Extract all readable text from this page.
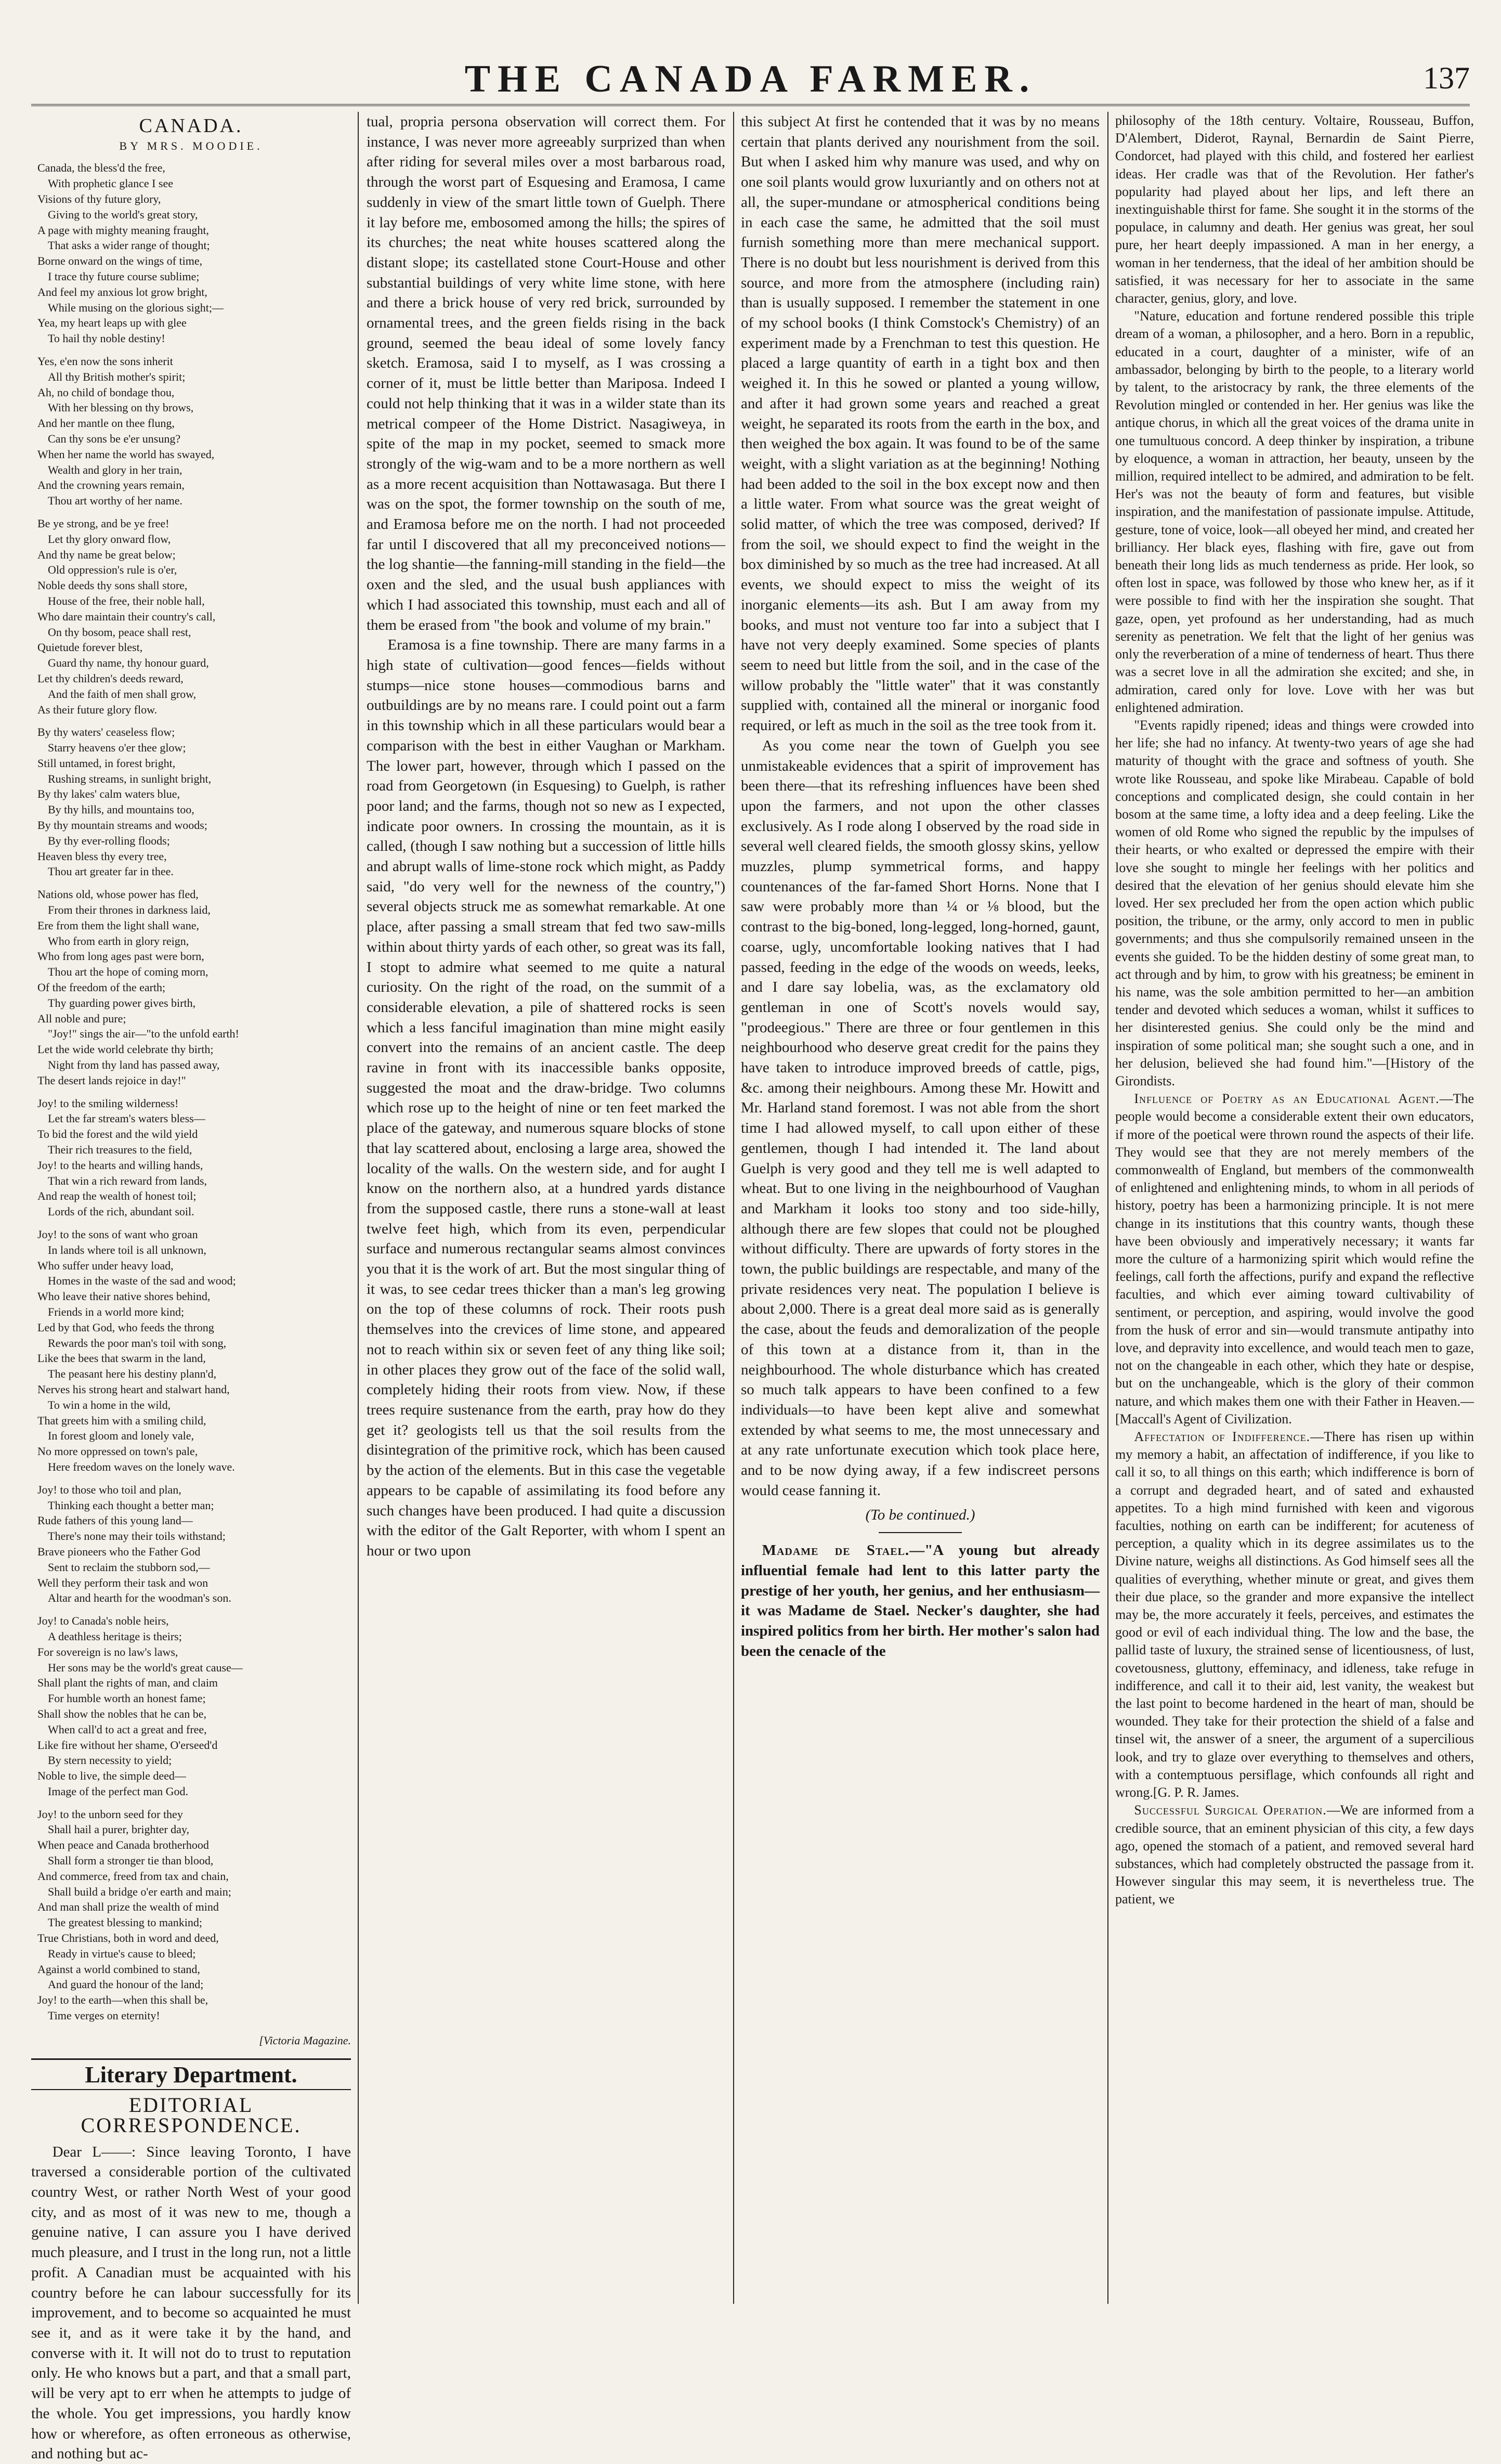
THE CANADA FARMER.	137
CANADA.
BY MRS. MOODIE.
Canada, the bless'd the free,
With prophetic glance I see
Visions of thy future glory,
Giving to the world's great story,
A page with mighty meaning fraught,
That asks a wider range of thought;
Borne onward on the wings of time,
I trace thy future course sublime;
And feel my anxious lot grow bright,
While musing on the glorious sight;—
Yea, my heart leaps up with glee
To hail thy noble destiny!
Yes, e'en now the sons inherit
All thy British mother's spirit;
Ah, no child of bondage thou,
With her blessing on thy brows,
And her mantle on thee flung,
Can thy sons be e'er unsung?
When her name the world has swayed,
Wealth and glory in her train,
And the crowning years remain,
Thou art worthy of her name.
Be ye strong, and be ye free!
Let thy glory onward flow,
And thy name be great below;
Old oppression's rule is o'er,
Noble deeds thy sons shall store,
House of the free, their noble hall,
Who dare maintain their country's call,
On thy bosom, peace shall rest,
Quietude forever blest,
Guard thy name, thy honour guard,
Let thy children's deeds reward,
And the faith of men shall grow,
As their future glory flow.
By thy waters' ceaseless flow;
Starry heavens o'er thee glow;
Still untamed, in forest bright,
Rushing streams, in sunlight bright,
By thy lakes' calm waters blue,
By thy hills, and mountains too,
By thy mountain streams and woods;
By thy ever-rolling floods;
Heaven bless thy every tree,
Thou art greater far in thee.
Nations old, whose power has fled,
From their thrones in darkness laid,
Ere from them the light shall wane,
Who from earth in glory reign,
Who from long ages past were born,
Thou art the hope of coming morn,
Of the freedom of the earth;
Thy guarding power gives birth,
All noble and pure;
"Joy!" sings the air—"to the unfold earth!
Let the wide world celebrate thy birth;
Night from thy land has passed away,
The desert lands rejoice in day!"
Joy! to the smiling wilderness!
Let the far stream's waters bless—
To bid the forest and the wild yield
Their rich treasures to the field,
Joy! to the hearts and willing hands,
That win a rich reward from lands,
And reap the wealth of honest toil;
Lords of the rich, abundant soil.
Joy! to the sons of want who groan
In lands where toil is all unknown,
Who suffer under heavy load,
Homes in the waste of the sad and wood;
Who leave their native shores behind,
Friends in a world more kind;
Led by that God, who feeds the throng
Rewards the poor man's toil with song,
Like the bees that swarm in the land,
The peasant here his destiny plann'd,
Nerves his strong heart and stalwart hand,
To win a home in the wild,
That greets him with a smiling child,
In forest gloom and lonely vale,
No more oppressed on town's pale,
Here freedom waves on the lonely wave.
Joy! to those who toil and plan,
Thinking each thought a better man;
Rude fathers of this young land—
There's none may their toils withstand;
Brave pioneers who the Father God
Sent to reclaim the stubborn sod,—
Well they perform their task and won
Altar and hearth for the woodman's son.
Joy! to Canada's noble heirs,
A deathless heritage is theirs;
For sovereign is no law's laws,
Her sons may be the world's great cause—
Shall plant the rights of man, and claim
For humble worth an honest fame;
Shall show the nobles that he can be,
When call'd to act a great and free,
Like fire without her shame, O'erseed'd
By stern necessity to yield;
Noble to live, the simple deed—
Image of the perfect man God.
Joy! to the unborn seed for they
Shall hail a purer, brighter day,
When peace and Canada brotherhood
Shall form a stronger tie than blood,
And commerce, freed from tax and chain,
Shall build a bridge o'er earth and main;
And man shall prize the wealth of mind
The greatest blessing to mankind;
True Christians, both in word and deed,
Ready in virtue's cause to bleed;
Against a world combined to stand,
And guard the honour of the land;
Joy! to the earth—when this shall be,
Time verges on eternity!
[Victoria Magazine.
Literary Department.
EDITORIAL CORRESPONDENCE.

Dear L——: Since leaving Toronto, I have traversed a considerable portion of the cultivated country West, or rather North West of your good city, and as most of it was new to me, though a genuine native, I can assure you I have derived much pleasure, and I trust in the long run, not a little profit. A Canadian must be acquainted with his country before he can labour successfully for its improvement, and to become so acquainted he must see it, and as it were take it by the hand, and converse with it. It will not do to trust to reputation only. He who knows but a part, and that a small part, will be very apt to err when he attempts to judge of the whole. You get impressions, you hardly know how or wherefore, as often erroneous as otherwise, and nothing but ac-

tual, propria persona observation will correct them. For instance, I was never more agreeably surprized than when after riding for several miles over a most barbarous road, through the worst part of Esquesing and Eramosa, I came suddenly in view of the smart little town of Guelph. There it lay before me, embosomed among the hills; the spires of its churches; the neat white houses scattered along the distant slope; its castellated stone Court-House and other substantial buildings of very white lime stone, with here and there a brick house of very red brick, surrounded by ornamental trees, and the green fields rising in the back ground, seemed the beau ideal of some lovely fancy sketch. Eramosa, said I to myself, as I was crossing a corner of it, must be little better than Mariposa. Indeed I could not help thinking that it was in a wilder state than its metrical compeer of the Home District. Nasagiweya, in spite of the map in my pocket, seemed to smack more strongly of the wig-wam and to be a more northern as well as a more recent acquisition than Nottawasaga. But there I was on the spot, the former township on the south of me, and Eramosa before me on the north. I had not proceeded far until I discovered that all my preconceived notions—the log shantie—the fanning-mill standing in the field—the oxen and the sled, and the usual bush appliances with which I had associated this township, must each and all of them be erased from "the book and volume of my brain."

Eramosa is a fine township. There are many farms in a high state of cultivation—good fences—fields without stumps—nice stone houses—commodious barns and outbuildings are by no means rare. I could point out a farm in this township which in all these particulars would bear a comparison with the best in either Vaughan or Markham. The lower part, however, through which I passed on the road from Georgetown (in Esquesing) to Guelph, is rather poor land; and the farms, though not so new as I expected, indicate poor owners. In crossing the mountain, as it is called, (though I saw nothing but a succession of little hills and abrupt walls of lime-stone rock which might, as Paddy said, "do very well for the newness of the country,") several objects struck me as somewhat remarkable. At one place, after passing a small stream that fed two saw-mills within about thirty yards of each other, so great was its fall, I stopt to admire what seemed to me quite a natural curiosity. On the right of the road, on the summit of a considerable elevation, a pile of shattered rocks is seen which a less fanciful imagination than mine might easily convert into the remains of an ancient castle. The deep ravine in front with its inaccessible banks opposite, suggested the moat and the draw-bridge. Two columns which rose up to the height of nine or ten feet marked the place of the gateway, and numerous square blocks of stone that lay scattered about, enclosing a large area, showed the locality of the walls. On the western side, and for aught I know on the northern also, at a hundred yards distance from the supposed castle, there runs a stone-wall at least twelve feet high, which from its even, perpendicular surface and numerous rectangular seams almost convinces you that it is the work of art. But the most singular thing of it was, to see cedar trees thicker than a man's leg growing on the top of these columns of rock. Their roots push themselves into the crevices of lime stone, and appeared not to reach within six or seven feet of any thing like soil; in other places they grow out of the face of the solid wall, completely hiding their roots from view. Now, if these trees require sustenance from the earth, pray how do they get it? geologists tell us that the soil results from the disintegration of the primitive rock, which has been caused by the action of the elements. But in this case the vegetable appears to be capable of assimilating its food before any such changes have been produced. I had quite a discussion with the editor of the Galt Reporter, with whom I spent an hour or two upon

this subject At first he contended that it was by no means certain that plants derived any nourishment from the soil. But when I asked him why manure was used, and why on one soil plants would grow luxuriantly and on others not at all, the super-mundane or atmospherical conditions being in each case the same, he admitted that the soil must furnish something more than mere mechanical support. There is no doubt but less nourishment is derived from this source, and more from the atmosphere (including rain) than is usually supposed. I remember the statement in one of my school books (I think Comstock's Chemistry) of an experiment made by a Frenchman to test this question. He placed a large quantity of earth in a tight box and then weighed it. In this he sowed or planted a young willow, and after it had grown some years and reached a great weight, he separated its roots from the earth in the box, and then weighed the box again. It was found to be of the same weight, with a slight variation as at the beginning! Nothing had been added to the soil in the box except now and then a little water. From what source was the great weight of solid matter, of which the tree was composed, derived? If from the soil, we should expect to find the weight in the box diminished by so much as the tree had increased. At all events, we should expect to miss the weight of its inorganic elements—its ash. But I am away from my books, and must not venture too far into a subject that I have not very deeply examined. Some species of plants seem to need but little from the soil, and in the case of the willow probably the "little water" that it was constantly supplied with, contained all the mineral or inorganic food required, or left as much in the soil as the tree took from it.

As you come near the town of Guelph you see unmistakeable evidences that a spirit of improvement has been there—that its refreshing influences have been shed upon the farmers, and not upon the other classes exclusively. As I rode along I observed by the road side in several well cleared fields, the smooth glossy skins, yellow muzzles, plump symmetrical forms, and happy countenances of the far-famed Short Horns. None that I saw were probably more than ¼ or ⅛ blood, but the contrast to the big-boned, long-legged, long-horned, gaunt, coarse, ugly, uncomfortable looking natives that I had passed, feeding in the edge of the woods on weeds, leeks, and I dare say lobelia, was, as the exclamatory old gentleman in one of Scott's novels would say, "prodeegious." There are three or four gentlemen in this neighbourhood who deserve great credit for the pains they have taken to introduce improved breeds of cattle, pigs, &c. among their neighbours. Among these Mr. Howitt and Mr. Harland stand foremost. I was not able from the short time I had allowed myself, to call upon either of these gentlemen, though I had intended it. The land about Guelph is very good and they tell me is well adapted to wheat. But to one living in the neighbourhood of Vaughan and Markham it looks too stony and too side-hilly, although there are few slopes that could not be ploughed without difficulty. There are upwards of forty stores in the town, the public buildings are respectable, and many of the private residences very neat. The population I believe is about 2,000. There is a great deal more said as is generally the case, about the feuds and demoralization of the people of this town at a distance from it, than in the neighbourhood. The whole disturbance which has created so much talk appears to have been confined to a few individuals—to have been kept alive and somewhat extended by what seems to me, the most unnecessary and at any rate unfortunate execution which took place here, and to be now dying away, if a few indiscreet persons would cease fanning it.

(To be continued.)

Madame de Stael.—"A young but already influential female had lent to this latter party the prestige of her youth, her genius, and her enthusiasm—it was Madame de Stael. Necker's daughter, she had inspired politics from her birth. Her mother's salon had been the cenacle of the

philosophy of the 18th century. Voltaire, Rousseau, Buffon, D'Alembert, Diderot, Raynal, Bernardin de Saint Pierre, Condorcet, had played with this child, and fostered her earliest ideas. Her cradle was that of the Revolution. Her father's popularity had played about her lips, and left there an inextinguishable thirst for fame. She sought it in the storms of the populace, in calumny and death. Her genius was great, her soul pure, her heart deeply impassioned. A man in her energy, a woman in her tenderness, that the ideal of her ambition should be satisfied, it was necessary for her to associate in the same character, genius, glory, and love.

"Nature, education and fortune rendered possible this triple dream of a woman, a philosopher, and a hero. Born in a republic, educated in a court, daughter of a minister, wife of an ambassador, belonging by birth to the people, to a literary world by talent, to the aristocracy by rank, the three elements of the Revolution mingled or contended in her. Her genius was like the antique chorus, in which all the great voices of the drama unite in one tumultuous concord. A deep thinker by inspiration, a tribune by eloquence, a woman in attraction, her beauty, unseen by the million, required intellect to be admired, and admiration to be felt. Her's was not the beauty of form and features, but visible inspiration, and the manifestation of passionate impulse. Attitude, gesture, tone of voice, look—all obeyed her mind, and created her brilliancy. Her black eyes, flashing with fire, gave out from beneath their long lids as much tenderness as pride. Her look, so often lost in space, was followed by those who knew her, as if it were possible to find with her the inspiration she sought. That gaze, open, yet profound as her understanding, had as much serenity as penetration. We felt that the light of her genius was only the reverberation of a mine of tenderness of heart. Thus there was a secret love in all the admiration she excited; and she, in admiration, cared only for love. Love with her was but enlightened admiration.

"Events rapidly ripened; ideas and things were crowded into her life; she had no infancy. At twenty-two years of age she had maturity of thought with the grace and softness of youth. She wrote like Rousseau, and spoke like Mirabeau. Capable of bold conceptions and complicated design, she could contain in her bosom at the same time, a lofty idea and a deep feeling. Like the women of old Rome who signed the republic by the impulses of their hearts, or who exalted or depressed the empire with their love she sought to mingle her feelings with her politics and desired that the elevation of her genius should elevate him she loved. Her sex precluded her from the open action which public position, the tribune, or the army, only accord to men in public governments; and thus she compulsorily remained unseen in the events she guided. To be the hidden destiny of some great man, to act through and by him, to grow with his greatness; be eminent in his name, was the sole ambition permitted to her—an ambition tender and devoted which seduces a woman, whilst it suffices to her disinterested genius. She could only be the mind and inspiration of some political man; she sought such a one, and in her delusion, believed she had found him."—[History of the Girondists.

Influence of Poetry as an Educational Agent.—The people would become a considerable extent their own educators, if more of the poetical were thrown round the aspects of their life. They would see that they are not merely members of the commonwealth of England, but members of the commonwealth of enlightened and enlightening minds, to whom in all periods of history, poetry has been a harmonizing principle. It is not mere change in its institutions that this country wants, though these have been obviously and imperatively necessary; it wants far more the culture of a harmonizing spirit which would refine the feelings, call forth the affections, purify and expand the reflective faculties, and which ever aiming toward cultivability of sentiment, or perception, and aspiring, would involve the good from the husk of error and sin—would transmute antipathy into love, and depravity into excellence, and would teach men to gaze, not on the changeable in each other, which they hate or despise, but on the unchangeable, which is the glory of their common nature, and which makes them one with their Father in Heaven.—[Maccall's Agent of Civilization.

Affectation of Indifference.—There has risen up within my memory a habit, an affectation of indifference, if you like to call it so, to all things on this earth; which indifference is born of a corrupt and degraded heart, and of sated and exhausted appetites. To a high mind furnished with keen and vigorous faculties, nothing on earth can be indifferent; for acuteness of perception, a quality which in its degree assimilates us to the Divine nature, weighs all distinctions. As God himself sees all the qualities of everything, whether minute or great, and gives them their due place, so the grander and more expansive the intellect may be, the more accurately it feels, perceives, and estimates the good or evil of each individual thing. The low and the base, the pallid taste of luxury, the strained sense of licentiousness, of lust, covetousness, gluttony, effeminacy, and idleness, take refuge in indifference, and call it to their aid, lest vanity, the weakest but the last point to become hardened in the heart of man, should be wounded. They take for their protection the shield of a false and tinsel wit, the answer of a sneer, the argument of a supercilious look, and try to glaze over everything to themselves and others, with a contemptuous persiflage, which confounds all right and wrong.[G. P. R. James.

Successful Surgical Operation.—We are informed from a credible source, that an eminent physician of this city, a few days ago, opened the stomach of a patient, and removed several hard substances, which had completely obstructed the passage from it. However singular this may seem, it is nevertheless true. The patient, we
